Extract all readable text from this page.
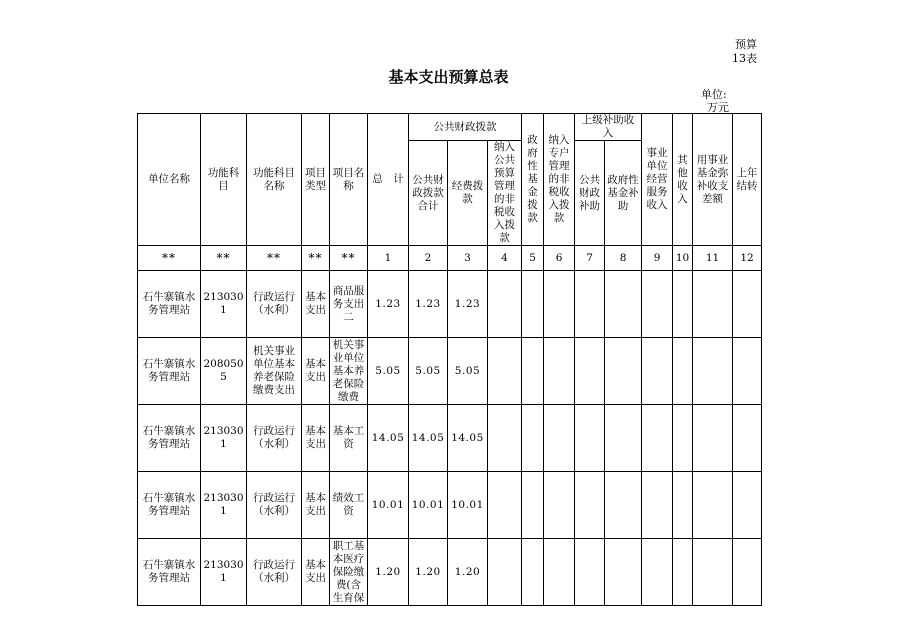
预算13表
基本支出预算总表
单位:
万元
单位名称	功能科目	功能科目名称	项目类型	项目名称	总　计	公共财政拨款			政府性基金拨款	纳入专户管理的非税收入拨款	上级补助收入		事业单位经营服务收入	其他收入	用事业基金弥补收支差额	上年结转
						公共财政拨款合计	经费拨款	纳入公共预算管理的非税收入拨款			公共财政补助	政府性基金补助				
**	**	**	**	**	1	2	3	4	5	6	7	8	9	10	11	12
石牛寨镇水务管理站	2130301	行政运行（水利）	基本支出	商品服务支出二	1.23	1.23	1.23									
石牛寨镇水务管理站	2080505	机关事业单位基本养老保险缴费支出	基本支出	机关事业单位基本养老保险缴费	5.05	5.05	5.05									
石牛寨镇水务管理站	2130301	行政运行（水利）	基本支出	基本工资	14.05	14.05	14.05									
石牛寨镇水务管理站	2130301	行政运行（水利）	基本支出	绩效工资	10.01	10.01	10.01									
石牛寨镇水务管理站	2130301	行政运行（水利）	基本支出	职工基本医疗保险缴费(含生育保	1.20	1.20	1.20									
